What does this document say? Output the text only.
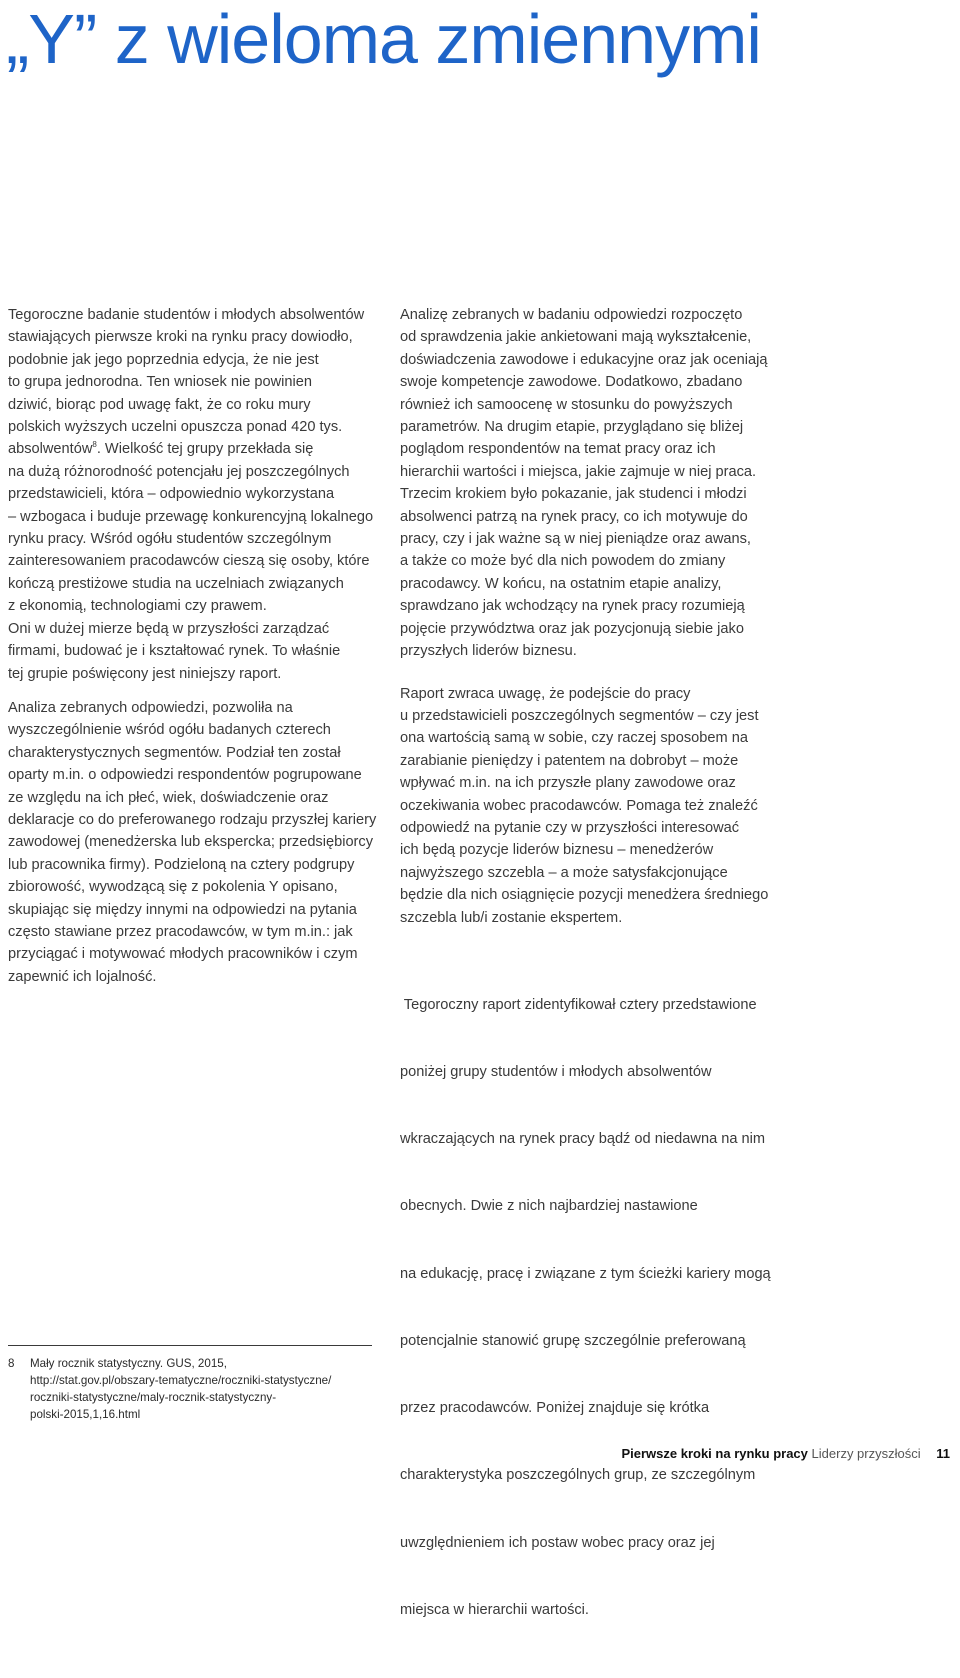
„Y” z wieloma zmiennymi

Tegoroczne badanie studentów i młodych absolwentów
stawiających pierwsze kroki na rynku pracy dowiodło,
podobnie jak jego poprzednia edycja, że nie jest
to grupa jednorodna. Ten wniosek nie powinien
dziwić, biorąc pod uwagę fakt, że co roku mury
polskich wyższych uczelni opuszcza ponad 420 tys.
absolwentów$^8$. Wielkość tej grupy przekłada się
na dużą różnorodność potencjału jej poszczególnych
przedstawicieli, która – odpowiednio wykorzystana
– wzbogaca i buduje przewagę konkurencyjną lokalnego
rynku pracy. Wśród ogółu studentów szczególnym
zainteresowaniem pracodawców cieszą się osoby, które
kończą prestiżowe studia na uczelniach związanych
z ekonomią, technologiami czy prawem.
Oni w dużej mierze będą w przyszłości zarządzać
firmami, budować je i kształtować rynek. To właśnie
tej grupie poświęcony jest niniejszy raport.

Analiza zebranych odpowiedzi, pozwoliła na
wyszczególnienie wśród ogółu badanych czterech
charakterystycznych segmentów. Podział ten został
oparty m.in. o odpowiedzi respondentów pogrupowane
ze względu na ich płeć, wiek, doświadczenie oraz
deklaracje co do preferowanego rodzaju przyszłej kariery
zawodowej (menedżerska lub ekspercka; przedsiębiorcy
lub pracownika firmy). Podzieloną na cztery podgrupy
zbiorowość, wywodzącą się z pokolenia Y opisano,
skupiając się między innymi na odpowiedzi na pytania
często stawiane przez pracodawców, w tym m.in.: jak
przyciągać i motywować młodych pracowników i czym
zapewnić ich lojalność.

Analizę zebranych w badaniu odpowiedzi rozpoczęto
od sprawdzenia jakie ankietowani mają wykształcenie,
doświadczenia zawodowe i edukacyjne oraz jak oceniają
swoje kompetencje zawodowe. Dodatkowo, zbadano
również ich samoocenę w stosunku do powyższych
parametrów. Na drugim etapie, przyglądano się bliżej
poglądom respondentów na temat pracy oraz ich
hierarchii wartości i miejsca, jakie zajmuje w niej praca.
Trzecim krokiem było pokazanie, jak studenci i młodzi
absolwenci patrzą na rynek pracy, co ich motywuje do
pracy, czy i jak ważne są w niej pieniądze oraz awans,
a także co może być dla nich powodem do zmiany
pracodawcy. W końcu, na ostatnim etapie analizy,
sprawdzano jak wchodzący na rynek pracy rozumieją
pojęcie przywództwa oraz jak pozycjonują siebie jako
przyszłych liderów biznesu.

Raport zwraca uwagę, że podejście do pracy
u przedstawicieli poszczególnych segmentów – czy jest
ona wartością samą w sobie, czy raczej sposobem na
zarabianie pieniędzy i patentem na dobrobyt – może
wpływać m.in. na ich przyszłe plany zawodowe oraz
oczekiwania wobec pracodawców. Pomaga też znaleźć
odpowiedź na pytanie czy w przyszłości interesować
ich będą pozycje liderów biznesu – menedżerów
najwyższego szczebla – a może satysfakcjonujące
będzie dla nich osiągnięcie pozycji menedżera średniego
szczebla lub/i zostanie ekspertem.

Tegoroczny raport zidentyfikował cztery przedstawione

poniżej grupy studentów i młodych absolwentów

wkraczających na rynek pracy bądź od niedawna na nim

obecnych. Dwie z nich najbardziej nastawione

na edukację, pracę i związane z tym ścieżki kariery mogą

potencjalnie stanowić grupę szczególnie preferowaną

przez pracodawców. Poniżej znajduje się krótka

charakterystyka poszczególnych grup, ze szczególnym

uwzględnieniem ich postaw wobec pracy oraz jej

miejsca w hierarchii wartości.

8 Mały rocznik statystyczny. GUS, 2015,
http://stat.gov.pl/obszary-tematyczne/roczniki-statystyczne/
roczniki-statystyczne/maly-rocznik-statystyczny-
polski-2015,1,16.html
Pierwsze kroki na rynku pracy Liderzy przyszłości 11
